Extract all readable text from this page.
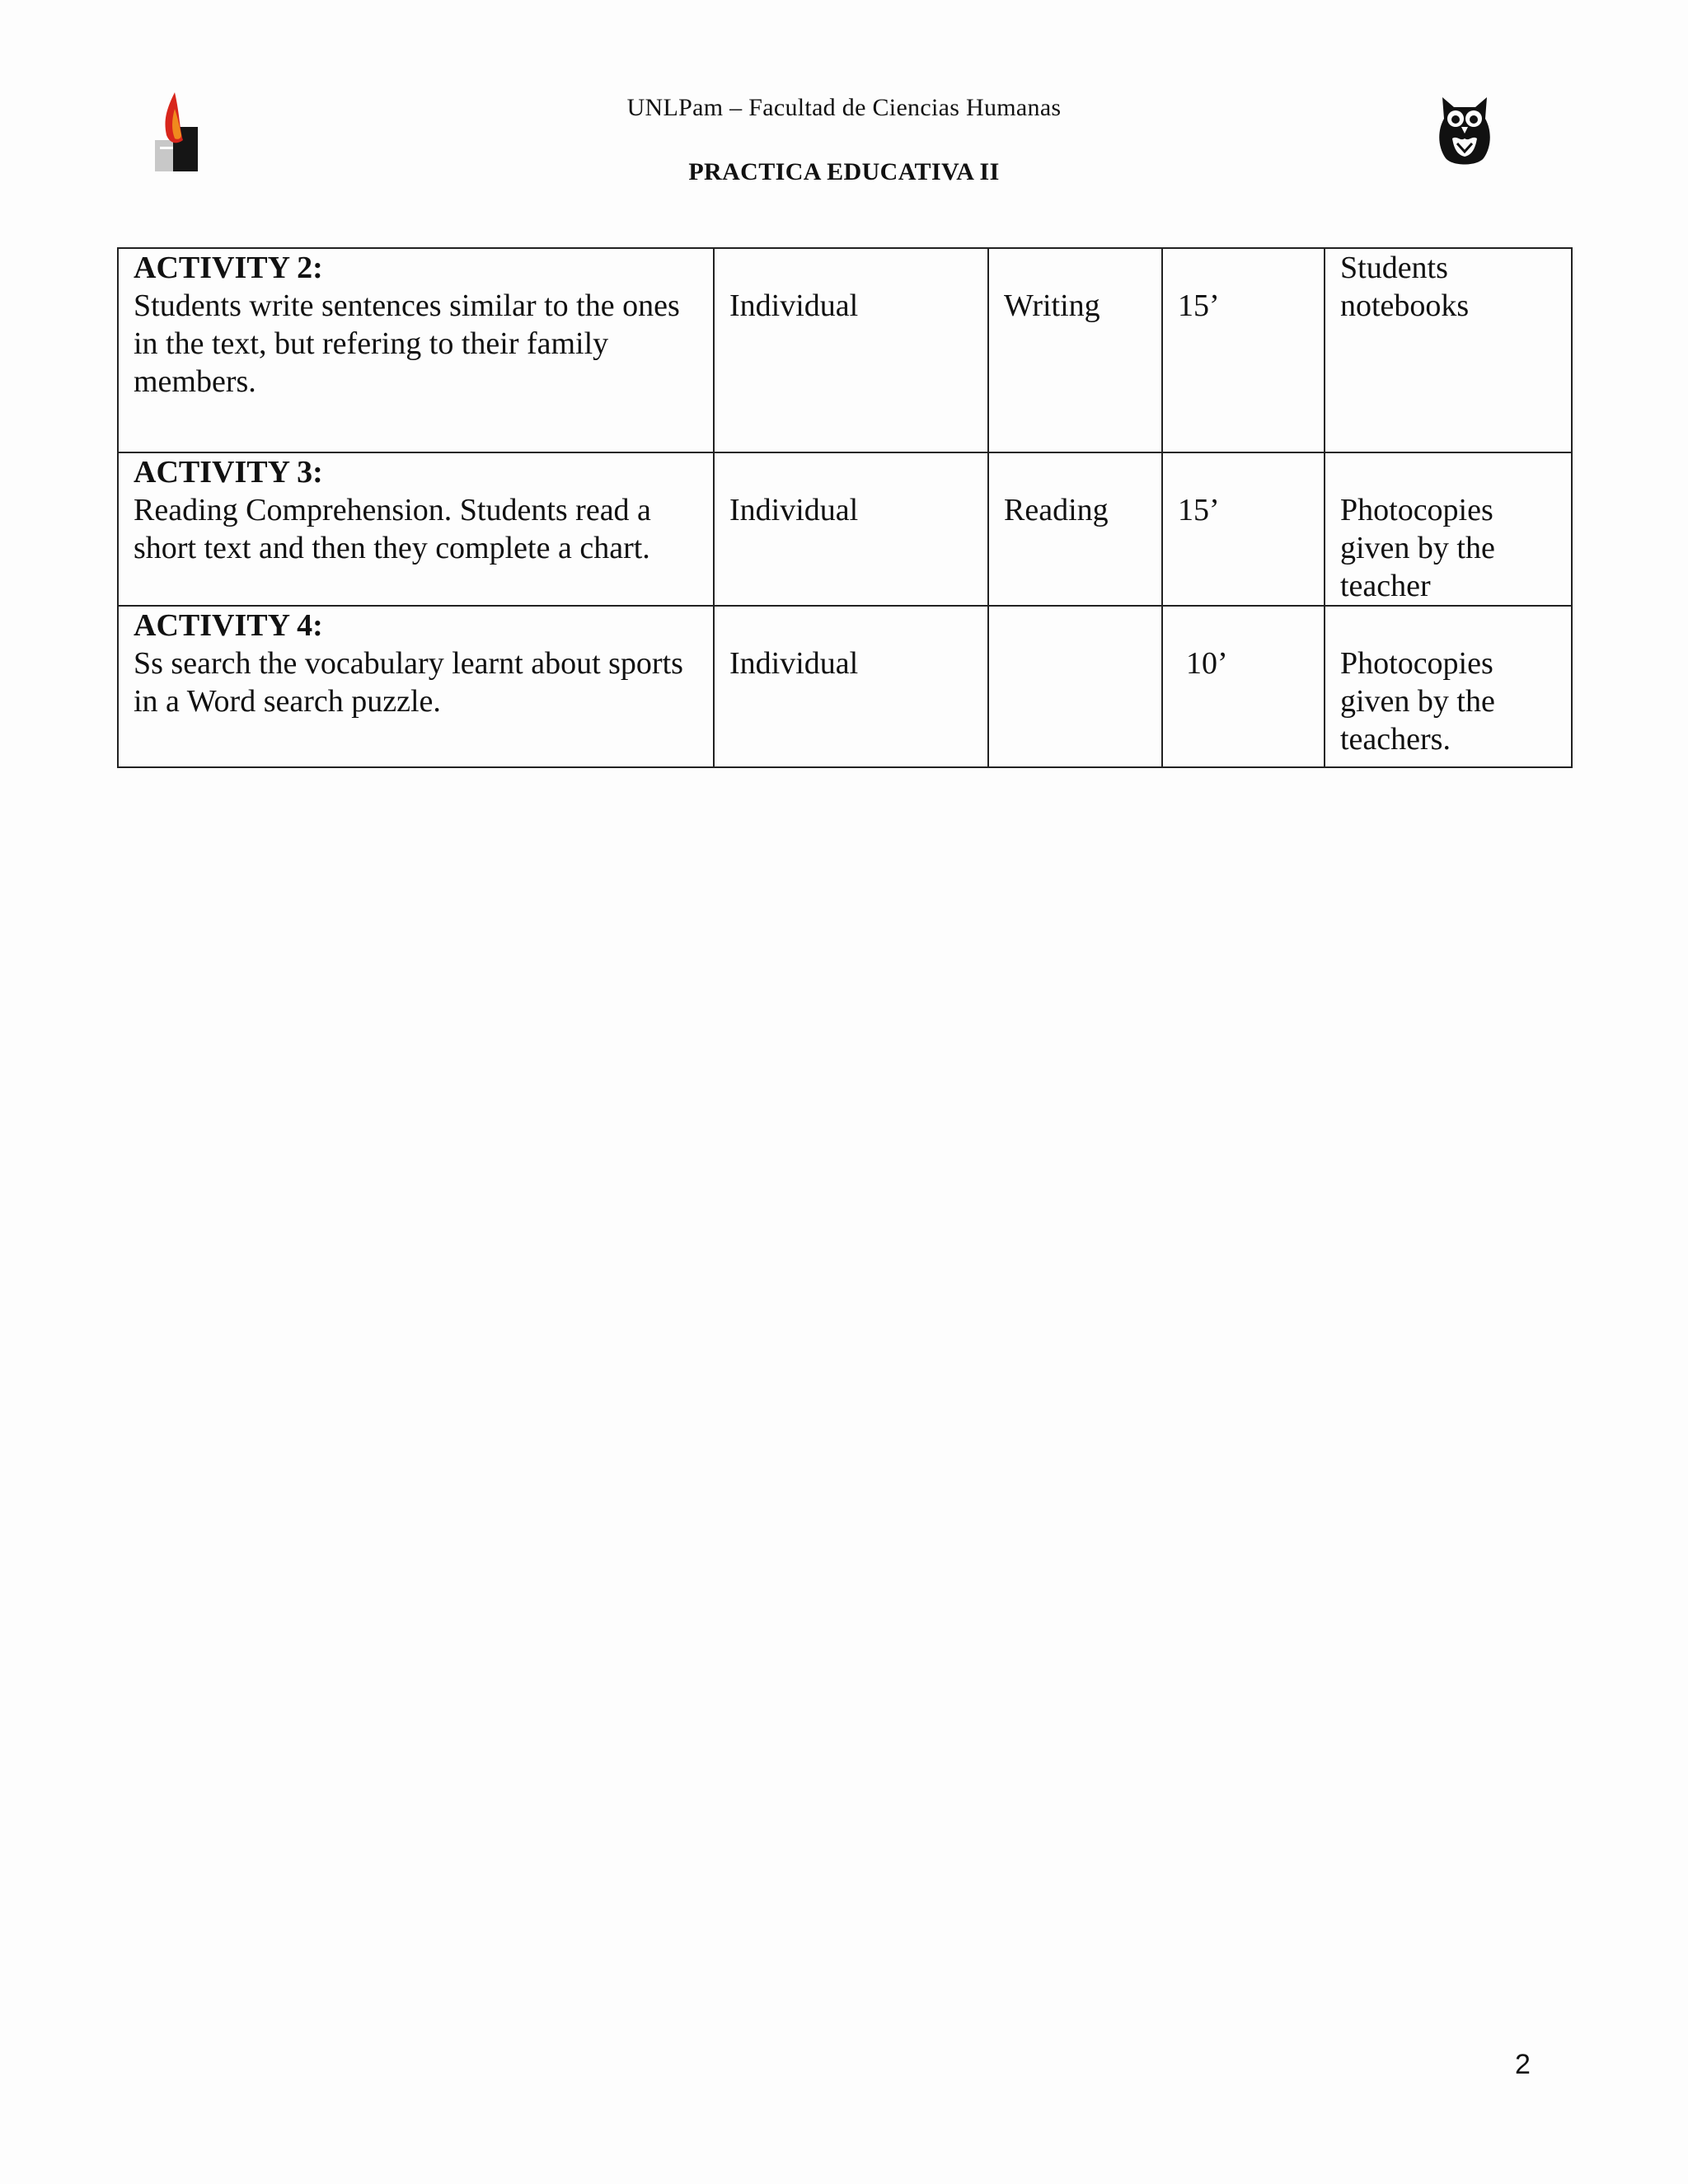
UNLPam – Facultad de Ciencias Humanas
PRACTICA EDUCATIVA II
ACTIVITY 2:
Students write sentences similar to the ones in the text, but refering to their family members.	Individual	Writing	15’	Students notebooks

ACTIVITY 3:
Reading Comprehension. Students read a short text and then they complete a chart.	Individual	Reading	15’	Photocopies given by the teacher

ACTIVITY 4:
Ss search the vocabulary learnt about sports in a Word search puzzle.	Individual		10’	Photocopies given by the teachers.
2
